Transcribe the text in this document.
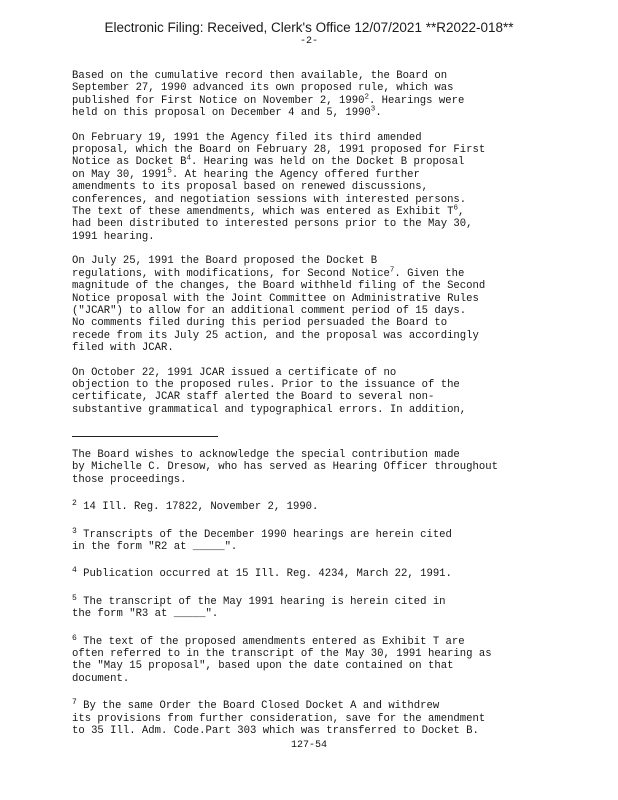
Electronic Filing: Received, Clerk's Office 12/07/2021 **R2022-018**
-2-

Based on the cumulative record then available, the Board on
September 27, 1990 advanced its own proposed rule, which was
published for First Notice on November 2, 1990$^2$. Hearings were
held on this proposal on December 4 and 5, 1990$^3$.

On February 19, 1991 the Agency filed its third amended
proposal, which the Board on February 28, 1991 proposed for First
Notice as Docket $B^4$. Hearing was held on the Docket B proposal
on May 30, 1991$^5$. At hearing the Agency offered further
amendments to its proposal based on renewed discussions,
conferences, and negotiation sessions with interested persons.
The text of these amendments, which was entered as Exhibit $T^6$,
had been distributed to interested persons prior to the May 30,
1991 hearing.

On July 25, 1991 the Board proposed the Docket B
regulations, with modifications, for Second Notice$^7$. Given the
magnitude of the changes, the Board withheld filing of the Second
Notice proposal with the Joint Committee on Administrative Rules
("JCAR") to allow for an additional comment period of 15 days.
No comments filed during this period persuaded the Board to
recede from its July 25 action, and the proposal was accordingly
filed with JCAR.

On October 22, 1991 JCAR issued a certificate of no
objection to the proposed rules. Prior to the issuance of the
certificate, JCAR staff alerted the Board to several non-
substantive grammatical and typographical errors. In addition,

The Board wishes to acknowledge the special contribution made
by Michelle C. Dresow, who has served as Hearing Officer throughout
those proceedings.

$^2$ 14 Ill. Reg. 17822, November 2, 1990.

$^3$ Transcripts of the December 1990 hearings are herein cited
in the form "R2 at _____".

$^4$ Publication occurred at 15 Ill. Reg. 4234, March 22, 1991.

$^5$ The transcript of the May 1991 hearing is herein cited in
the form "R3 at _____".

$^6$ The text of the proposed amendments entered as Exhibit T are
often referred to in the transcript of the May 30, 1991 hearing as
the "May 15 proposal", based upon the date contained on that
document.

$^7$ By the same Order the Board Closed Docket A and withdrew
its provisions from further consideration, save for the amendment
to 35 Ill. Adm. Code.Part 303 which was transferred to Docket B.

127-54
